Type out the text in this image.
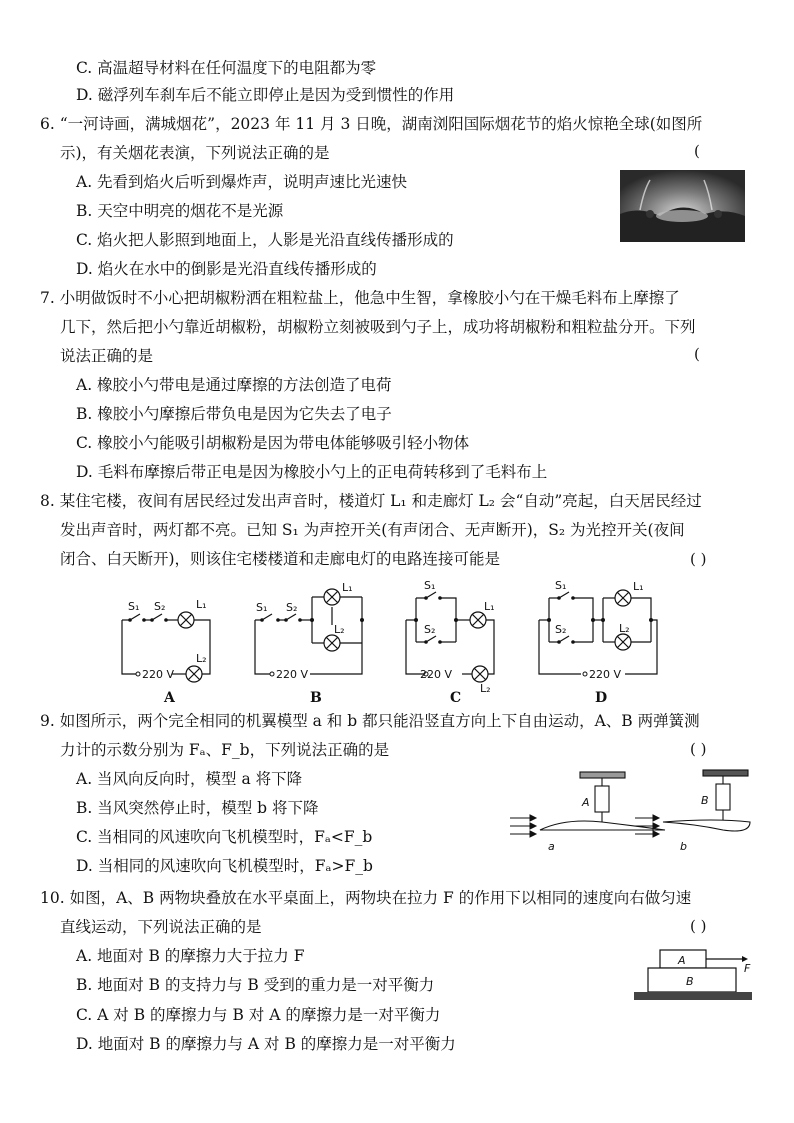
C. 高温超导材料在任何温度下的电阻都为零
D. 磁浮列车刹车后不能立即停止是因为受到惯性的作用
6. “一河诗画，满城烟花”，2023 年 11 月 3 日晚，湖南浏阳国际烟花节的焰火惊艳全球(如图所
示)，有关烟花表演，下列说法正确的是	(
A. 先看到焰火后听到爆炸声，说明声速比光速快
B. 天空中明亮的烟花不是光源
C. 焰火把人影照到地面上，人影是光沿直线传播形成的
D. 焰火在水中的倒影是光沿直线传播形成的
7. 小明做饭时不小心把胡椒粉洒在粗粒盐上，他急中生智，拿橡胶小勺在干燥毛料布上摩擦了
几下，然后把小勺靠近胡椒粉，胡椒粉立刻被吸到勺子上，成功将胡椒粉和粗粒盐分开。下列
说法正确的是	(
A. 橡胶小勺带电是通过摩擦的方法创造了电荷
B. 橡胶小勺摩擦后带负电是因为它失去了电子
C. 橡胶小勺能吸引胡椒粉是因为带电体能够吸引轻小物体
D. 毛料布摩擦后带正电是因为橡胶小勺上的正电荷转移到了毛料布上
8. 某住宅楼，夜间有居民经过发出声音时，楼道灯 L₁ 和走廊灯 L₂ 会“自动”亮起，白天居民经过
发出声音时，两灯都不亮。已知 S₁ 为声控开关(有声闭合、无声断开)，S₂ 为光控开关(夜间
闭合、白天断开)，则该住宅楼楼道和走廊电灯的电路连接可能是	( )
S₁ S₂	L₁
L₂
220 V
A
S₁ S₂
L₁
L₂
220 V
B
S₁
S₂
L₁
L₂
220 V
C
S₁
S₂
L₁
L₂
220 V
D
9. 如图所示，两个完全相同的机翼模型 a 和 b 都只能沿竖直方向上下自由运动，A、B 两弹簧测
力计的示数分别为 Fₐ、F_b，下列说法正确的是	( )
A. 当风向反向时，模型 a 将下降
B. 当风突然停止时，模型 b 将下降
C. 当相同的风速吹向飞机模型时，Fₐ<F_b
D. 当相同的风速吹向飞机模型时，Fₐ>F_b
A	B
a	b
10. 如图，A、B 两物块叠放在水平桌面上，两物块在拉力 F 的作用下以相同的速度向右做匀速
直线运动，下列说法正确的是	( )
A. 地面对 B 的摩擦力大于拉力 F
B. 地面对 B 的支持力与 B 受到的重力是一对平衡力
C. A 对 B 的摩擦力与 B 对 A 的摩擦力是一对平衡力
D. 地面对 B 的摩擦力与 A 对 B 的摩擦力是一对平衡力
A
B
F
